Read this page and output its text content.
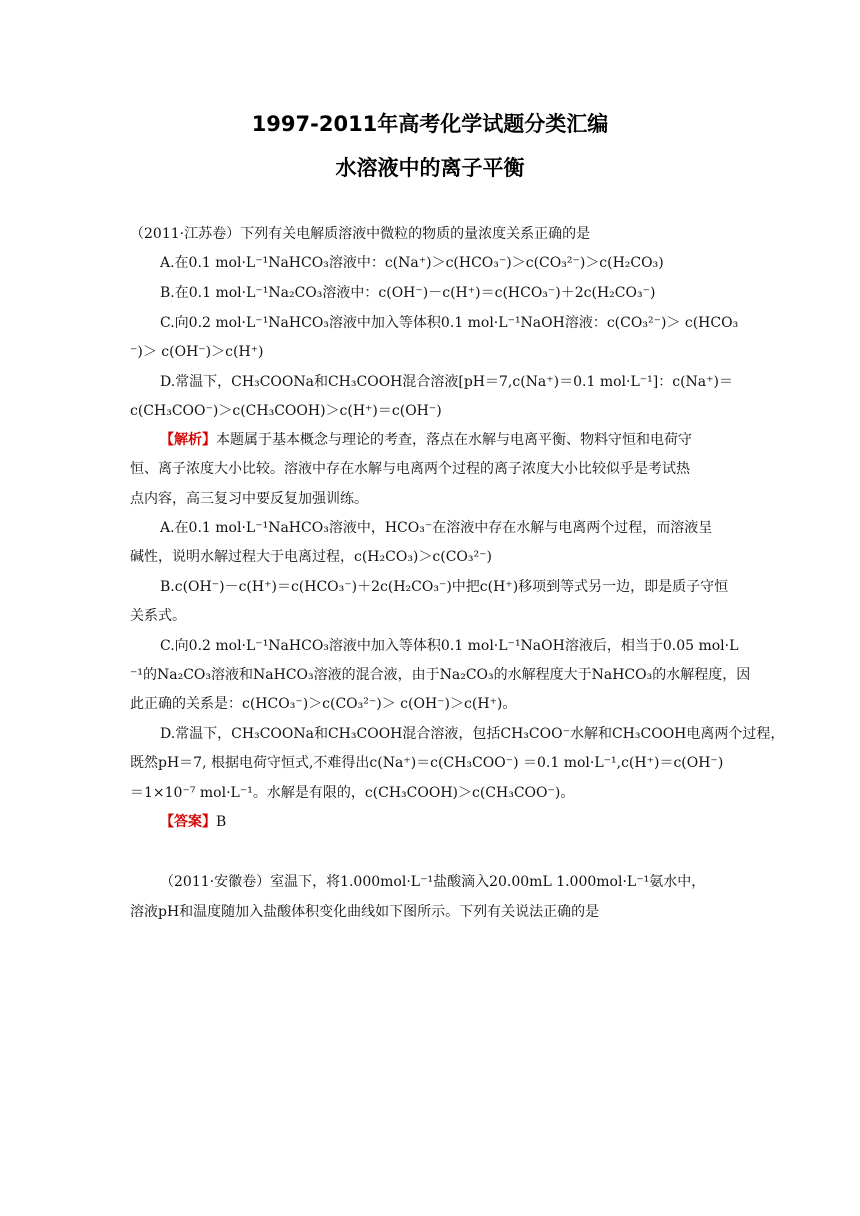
1997-2011年高考化学试题分类汇编
水溶液中的离子平衡
（2011·江苏卷）下列有关电解质溶液中微粒的物质的量浓度关系正确的是
A.在0.1 mol·L⁻¹NaHCO₃溶液中：c(Na⁺)＞c(HCO₃⁻)＞c(CO₃²⁻)＞c(H₂CO₃)
B.在0.1 mol·L⁻¹Na₂CO₃溶液中：c(OH⁻)－c(H⁺)＝c(HCO₃⁻)＋2c(H₂CO₃⁻)
C.向0.2 mol·L⁻¹NaHCO₃溶液中加入等体积0.1 mol·L⁻¹NaOH溶液：c(CO₃²⁻)＞ c(HCO₃
⁻)＞ c(OH⁻)＞c(H⁺)
D.常温下，CH₃COONa和CH₃COOH混合溶液[pH＝7,c(Na⁺)＝0.1 mol·L⁻¹]：c(Na⁺)＝
c(CH₃COO⁻)＞c(CH₃COOH)＞c(H⁺)＝c(OH⁻)
【解析】本题属于基本概念与理论的考查，落点在水解与电离平衡、物料守恒和电荷守
恒、离子浓度大小比较。溶液中存在水解与电离两个过程的离子浓度大小比较似乎是考试热
点内容，高三复习中要反复加强训练。
A.在0.1 mol·L⁻¹NaHCO₃溶液中，HCO₃⁻在溶液中存在水解与电离两个过程，而溶液呈
碱性，说明水解过程大于电离过程，c(H₂CO₃)＞c(CO₃²⁻)
B.c(OH⁻)－c(H⁺)＝c(HCO₃⁻)＋2c(H₂CO₃⁻)中把c(H⁺)移项到等式另一边，即是质子守恒
关系式。
C.向0.2 mol·L⁻¹NaHCO₃溶液中加入等体积0.1 mol·L⁻¹NaOH溶液后，相当于0.05 mol·L
⁻¹的Na₂CO₃溶液和NaHCO₃溶液的混合液，由于Na₂CO₃的水解程度大于NaHCO₃的水解程度，因
此正确的关系是：c(HCO₃⁻)＞c(CO₃²⁻)＞ c(OH⁻)＞c(H⁺)。
D.常温下，CH₃COONa和CH₃COOH混合溶液，包括CH₃COO⁻水解和CH₃COOH电离两个过程，
既然pH＝7, 根据电荷守恒式,不难得出c(Na⁺)＝c(CH₃COO⁻) ＝0.1 mol·L⁻¹,c(H⁺)＝c(OH⁻)
＝1×10⁻⁷ mol·L⁻¹。水解是有限的，c(CH₃COOH)＞c(CH₃COO⁻)。
【答案】B
（2011·安徽卷）室温下，将1.000mol·L⁻¹盐酸滴入20.00mL 1.000mol·L⁻¹氨水中，
溶液pH和温度随加入盐酸体积变化曲线如下图所示。下列有关说法正确的是
